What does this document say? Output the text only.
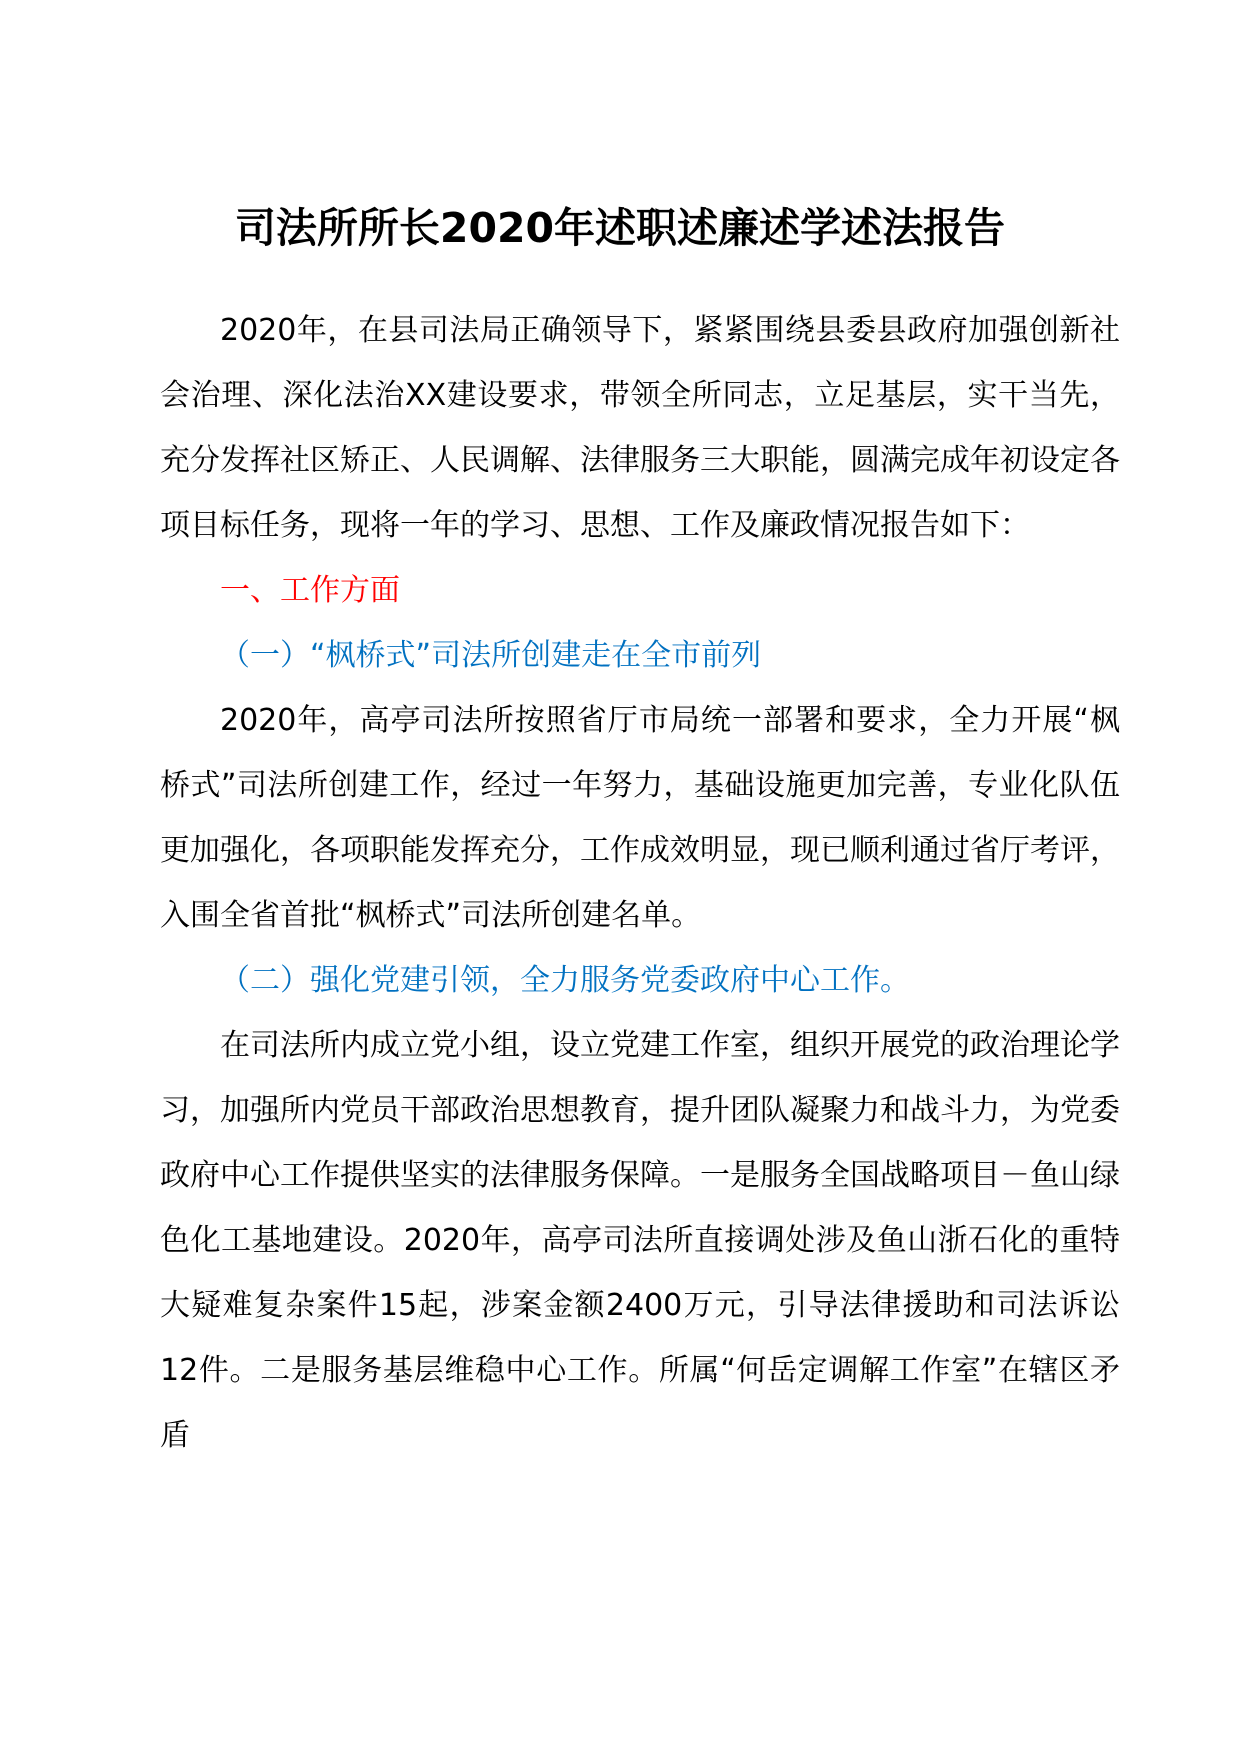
司法所所长2020年述职述廉述学述法报告

2020年，在县司法局正确领导下，紧紧围绕县委县政府加强创新社会治理、深化法治XX建设要求，带领全所同志，立足基层，实干当先，充分发挥社区矫正、人民调解、法律服务三大职能，圆满完成年初设定各项目标任务，现将一年的学习、思想、工作及廉政情况报告如下：

一、工作方面

（一）“枫桥式”司法所创建走在全市前列

2020年，高亭司法所按照省厅市局统一部署和要求，全力开展“枫桥式”司法所创建工作，经过一年努力，基础设施更加完善，专业化队伍更加强化，各项职能发挥充分，工作成效明显，现已顺利通过省厅考评，入围全省首批“枫桥式”司法所创建名单。

（二）强化党建引领，全力服务党委政府中心工作。

在司法所内成立党小组，设立党建工作室，组织开展党的政治理论学习，加强所内党员干部政治思想教育，提升团队凝聚力和战斗力，为党委政府中心工作提供坚实的法律服务保障。一是服务全国战略项目－鱼山绿色化工基地建设。2020年，高亭司法所直接调处涉及鱼山浙石化的重特大疑难复杂案件15起，涉案金额2400万元，引导法律援助和司法诉讼12件。二是服务基层维稳中心工作。所属“何岳定调解工作室”在辖区矛盾
